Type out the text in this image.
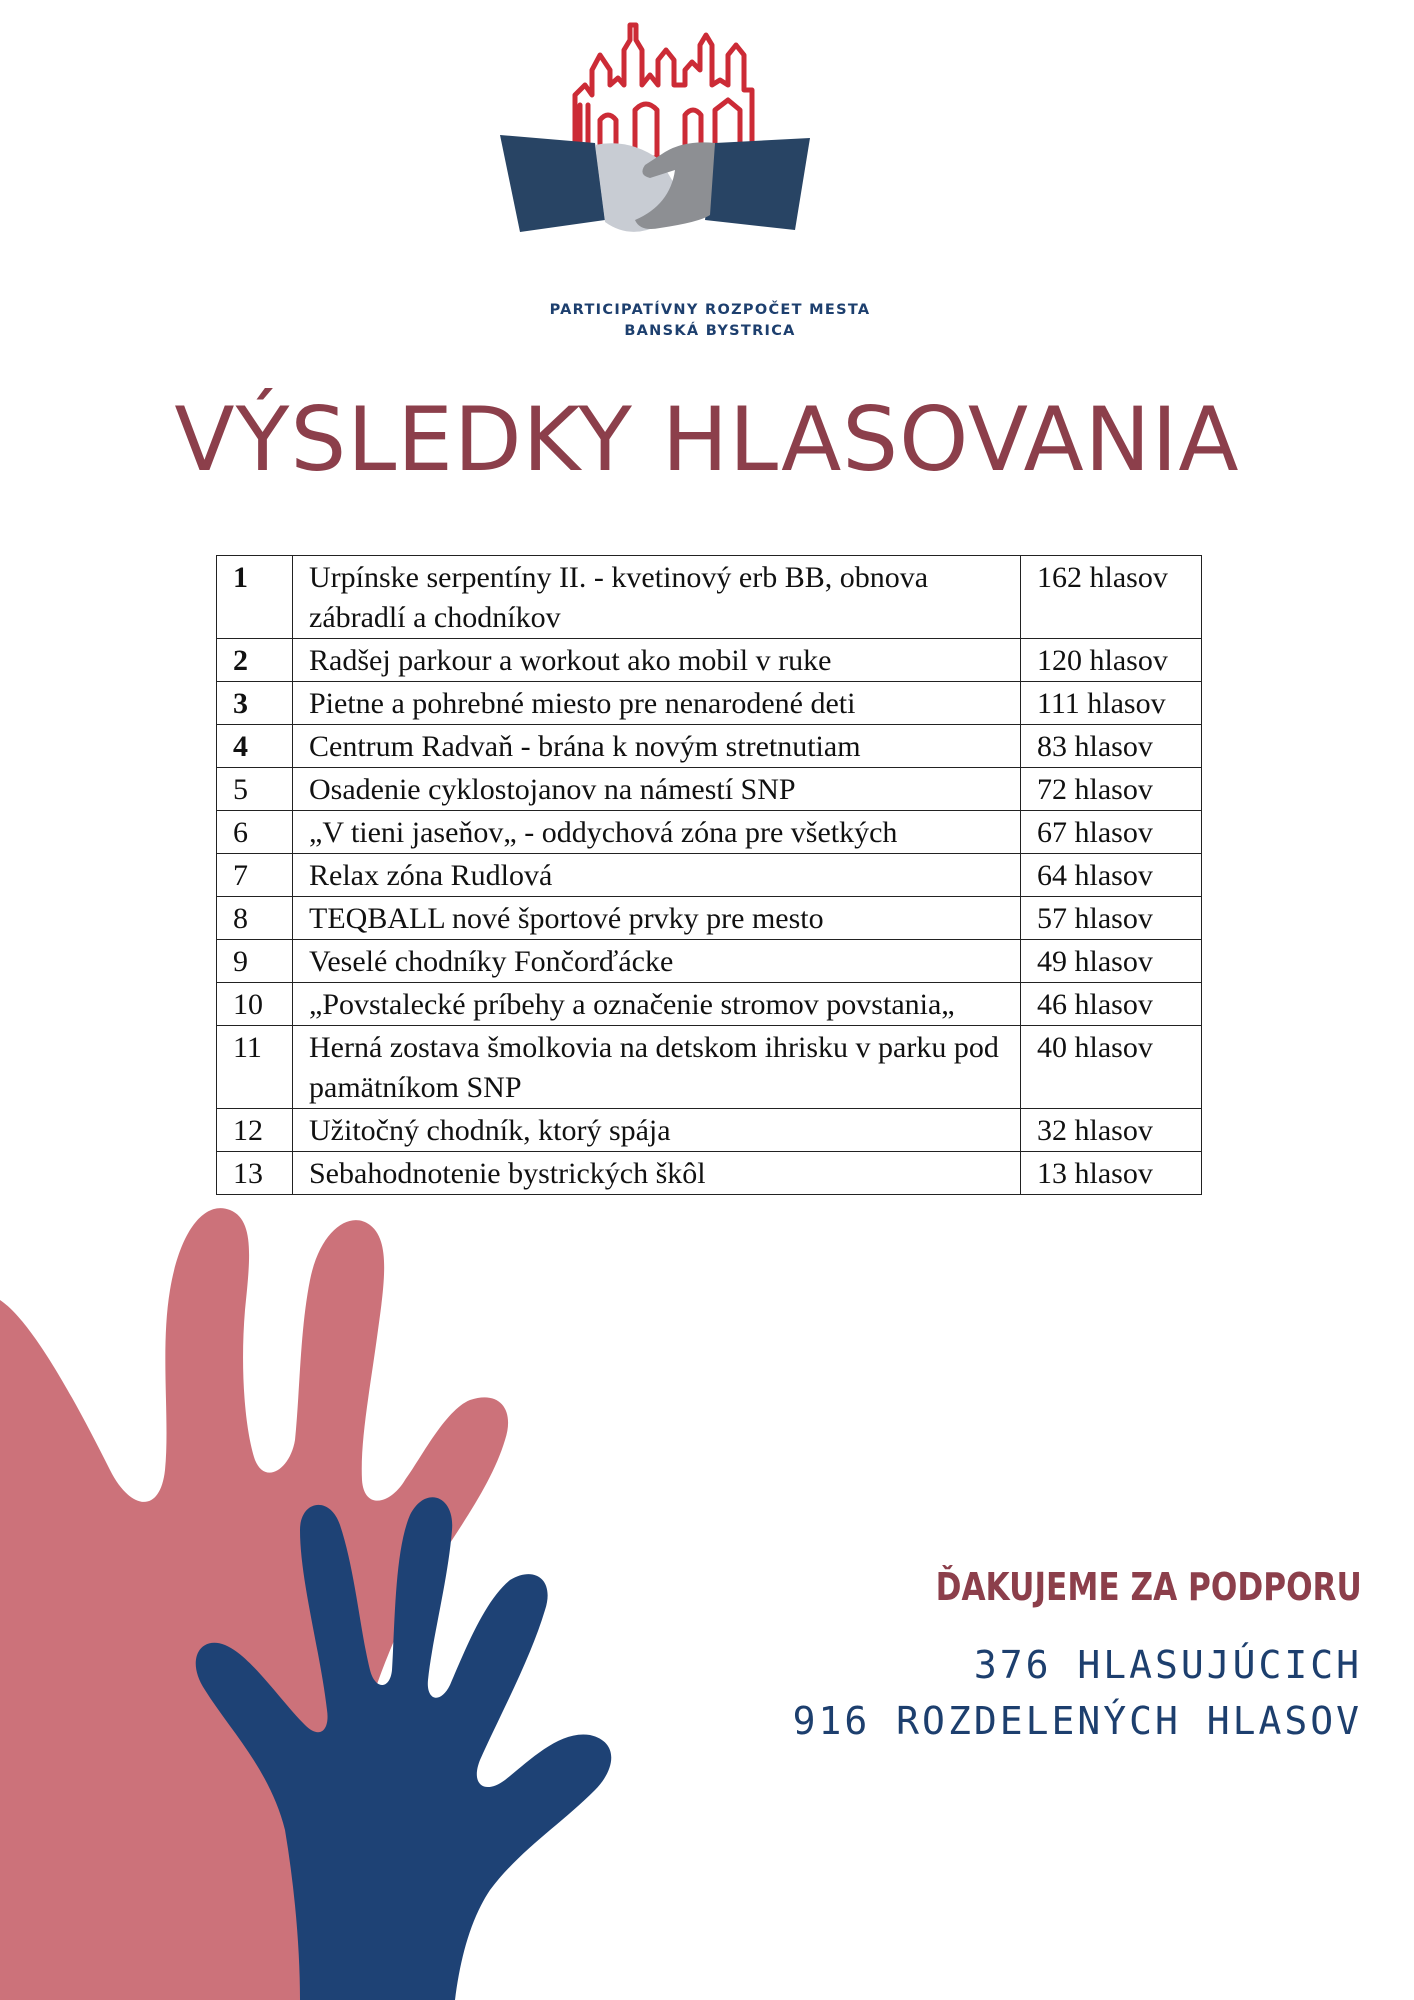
PARTICIPATÍVNY ROZPOČET MESTA
BANSKÁ BYSTRICA
VÝSLEDKY HLASOVANIA
1	Urpínske serpentíny II. - kvetinový erb BB, obnova zábradlí a chodníkov	162 hlasov
2	Radšej parkour a workout ako mobil v ruke	120 hlasov
3	Pietne a pohrebné miesto pre nenarodené deti	111 hlasov
4	Centrum Radvaň - brána k novým stretnutiam	83 hlasov
5	Osadenie cyklostojanov na námestí SNP	72 hlasov
6	„V tieni jaseňov„ - oddychová zóna pre všetkých	67 hlasov
7	Relax zóna Rudlová	64 hlasov
8	TEQBALL nové športové prvky pre mesto	57 hlasov
9	Veselé chodníky Fončorďácke	49 hlasov
10	„Povstalecké príbehy a označenie stromov povstania„	46 hlasov
11	Herná zostava šmolkovia na detskom ihrisku v parku pod pamätníkom SNP	40 hlasov
12	Užitočný chodník, ktorý spája	32 hlasov
13	Sebahodnotenie bystrických škôl	13 hlasov
ĎAKUJEME ZA PODPORU
376 HLASUJÚCICH
916 ROZDELENÝCH HLASOV
